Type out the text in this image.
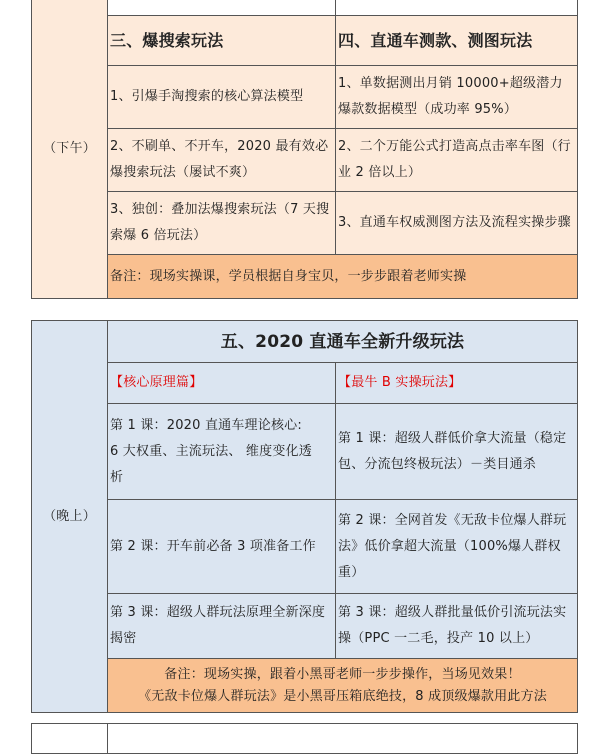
（下午）		

	三、爆搜索玩法	四、直通车测款、测图玩法
	1、引爆手淘搜索的核心算法模型	1、单数据测出月销 10000+超级潜力爆款数据模型（成功率 95%）
	2、不刷单、不开车，2020 最有效必爆搜索玩法（屡试不爽）	2、二个万能公式打造高点击率车图（行业 2 倍以上）
	3、独创：叠加法爆搜索玩法（7 天搜索爆 6 倍玩法）	3、直通车权威测图方法及流程实操步骤
	备注：现场实操课，学员根据自身宝贝，一步步跟着老师实操	
（晚上）	五、2020 直通车全新升级玩法	
	【核心原理篇】	【最牛 B 实操玩法】

	第 1 课：2020 直通车理论核心:
6 大权重、主流玩法、 维度变化透
析	第 1 课：超级人群低价拿大流量（稳定包、分流包终极玩法）－类目通杀
	第 2 课：开车前必备 3 项准备工作	第 2 课：全网首发《无敌卡位爆人群玩法》低价拿超大流量（100%爆人群权重）
	第 3 课：超级人群玩法原理全新深度揭密	第 3 课：超级人群批量低价引流玩法实操（PPC 一二毛，投产 10 以上）

	备注：现场实操，跟着小黑哥老师一步步操作，当场见效果！
《无敌卡位爆人群玩法》是小黑哥压箱底绝技，8 成顶级爆款用此方法	
